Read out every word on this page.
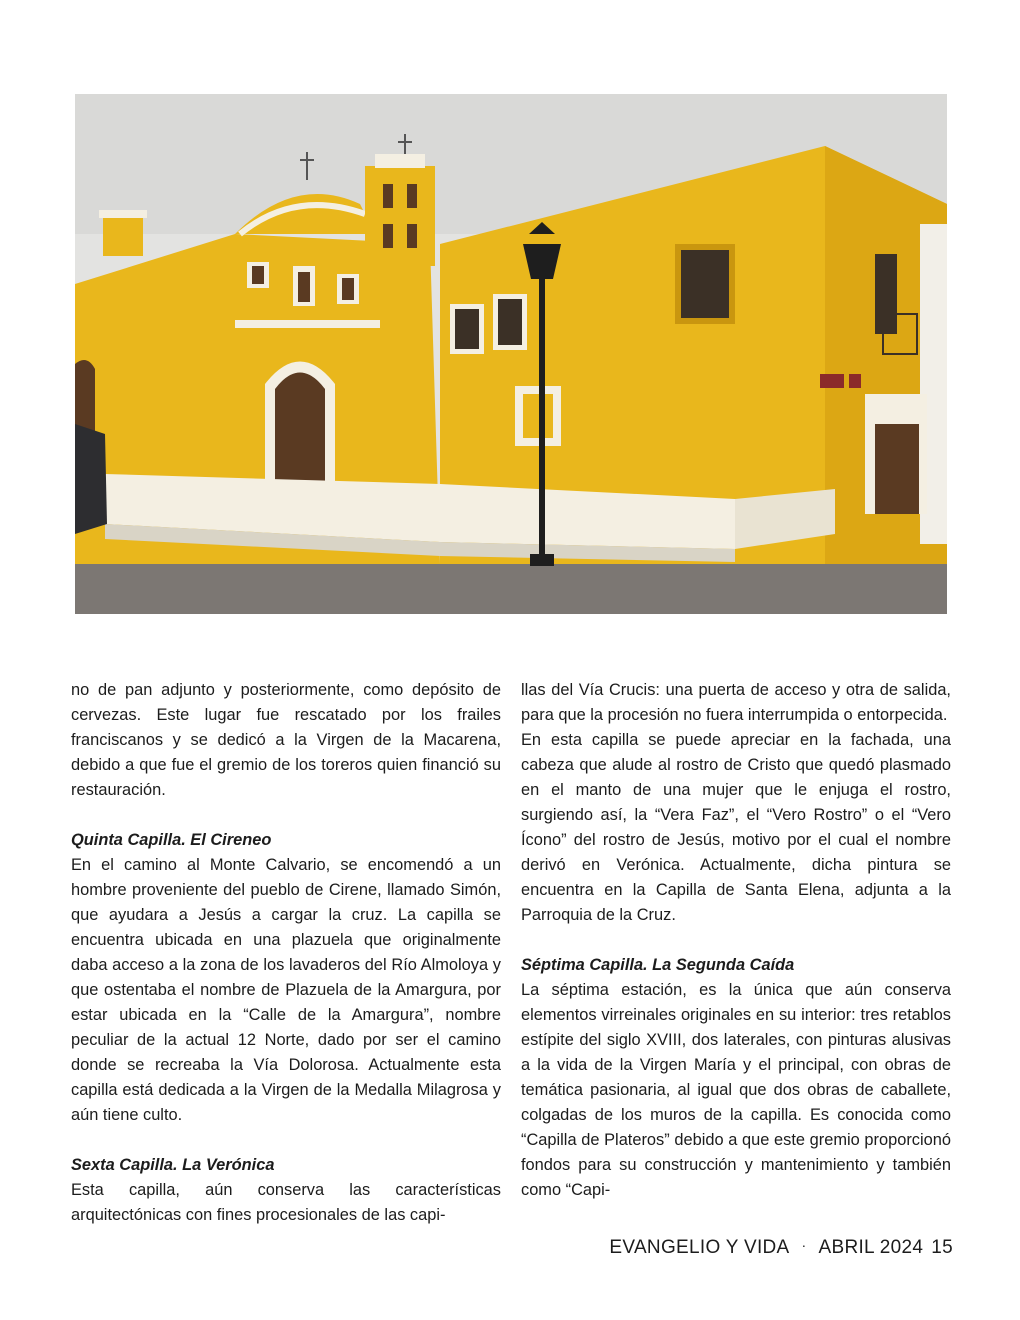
no de pan adjunto y posteriormente, como depósito de cervezas. Este lugar fue rescatado por los frailes franciscanos y se dedicó a la Virgen de la Macarena, debido a que fue el gremio de los toreros quien financió su restauración.

Quinta Capilla. El Cireneo

En el camino al Monte Calvario, se encomendó a un hombre proveniente del pueblo de Cirene, llamado Simón, que ayudara a Jesús a cargar la cruz. La capilla se encuentra ubicada en una plazuela que originalmente daba acceso a la zona de los lavaderos del Río Almoloya y que ostentaba el nombre de Plazuela de la Amargura, por estar ubicada en la “Calle de la Amargura”, nombre peculiar de la actual 12 Norte, dado por ser el camino donde se recreaba la Vía Dolorosa. Actualmente esta capilla está dedicada a la Virgen de la Medalla Milagrosa y aún tiene culto.

Sexta Capilla. La Verónica

Esta capilla, aún conserva las características arquitectónicas con fines procesionales de las capi-

llas del Vía Crucis: una puerta de acceso y otra de salida, para que la procesión no fuera interrumpida o entorpecida.

En esta capilla se puede apreciar en la fachada, una cabeza que alude al rostro de Cristo que quedó plasmado en el manto de una mujer que le enjuga el rostro, surgiendo así, la “Vera Faz”, el “Vero Rostro” o el “Vero Ícono” del rostro de Jesús, motivo por el cual el nombre derivó en Verónica. Actualmente, dicha pintura se encuentra en la Capilla de Santa Elena, adjunta a la Parroquia de la Cruz.

Séptima Capilla. La Segunda Caída

La séptima estación, es la única que aún conserva elementos virreinales originales en su interior: tres retablos estípite del siglo XVIII, dos laterales, con pinturas alusivas a la vida de la Virgen María y el principal, con obras de temática pasionaria, al igual que dos obras de caballete, colgadas de los muros de la capilla. Es conocida como “Capilla de Plateros” debido a que este gremio proporcionó fondos para su construcción y mantenimiento y también como “Capi-

EVANGELIO Y VIDA · ABRIL 2024 15
